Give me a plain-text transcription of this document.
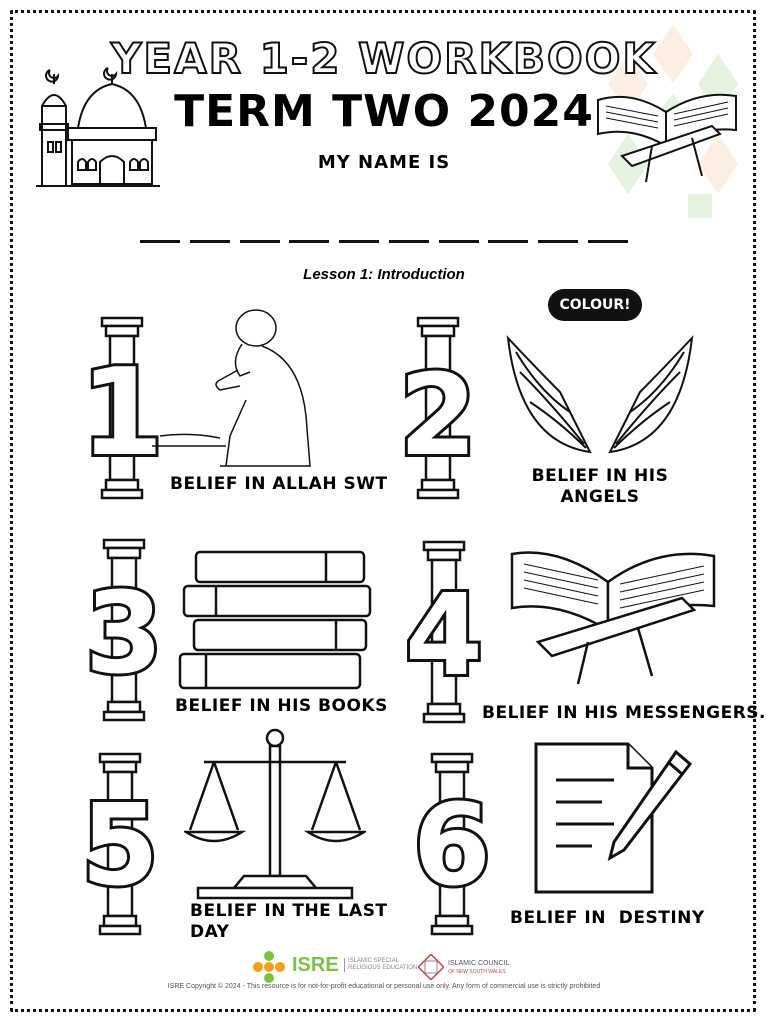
YEAR 1-2 WORKBOOK
TERM TWO 2024
MY NAME IS
Lesson 1: Introduction
COLOUR!
1
BELIEF IN ALLAH SWT
2	BELIEF IN HIS
ANGELS
3
BELIEF IN HIS BOOKS
4
BELIEF IN HIS MESSENGERS.
5 BELIEF IN THE LAST
DAY
6
BELIEF IN  DESTINY
ISRE	ISLAMIC SPECIAL
RELIGIOUS EDUCATION
ISLAMIC COUNCIL
OF NEW SOUTH WALES
ISRE Copyright © 2024 - This resource is for not-for-profit educational or personal use only. Any form of commercial use is strictly prohibited
